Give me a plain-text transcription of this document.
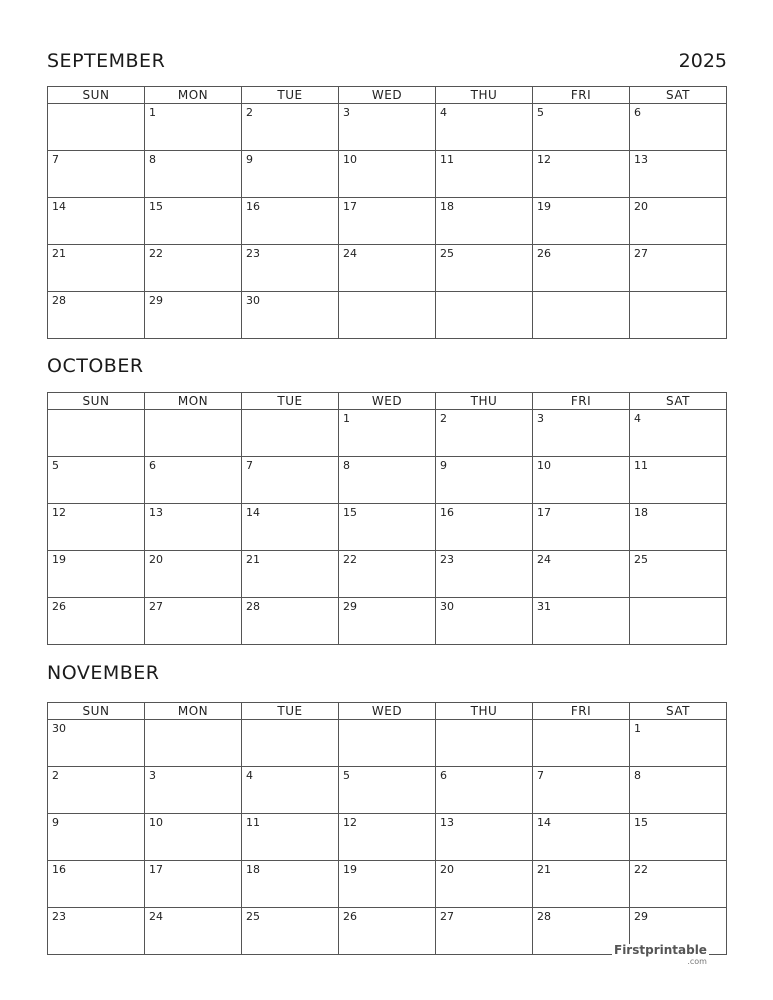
SEPTEMBER	2025
SUN	MON	TUE	WED	THU	FRI	SAT

	1	2	3	4	5	6

7	8	9	10	11	12	13

14	15	16	17	18	19	20

21	22	23	24	25	26	27

28	29	30				

OCTOBER
SUN	MON	TUE	WED	THU	FRI	SAT

			1	2	3	4

5	6	7	8	9	10	11

12	13	14	15	16	17	18

19	20	21	22	23	24	25

26	27	28	29	30	31	

NOVEMBER
SUN	MON	TUE	WED	THU	FRI	SAT

30						1

2	3	4	5	6	7	8

9	10	11	12	13	14	15

16	17	18	19	20	21	22

23	24	25	26	27	28	29
Firstprintable
.com
